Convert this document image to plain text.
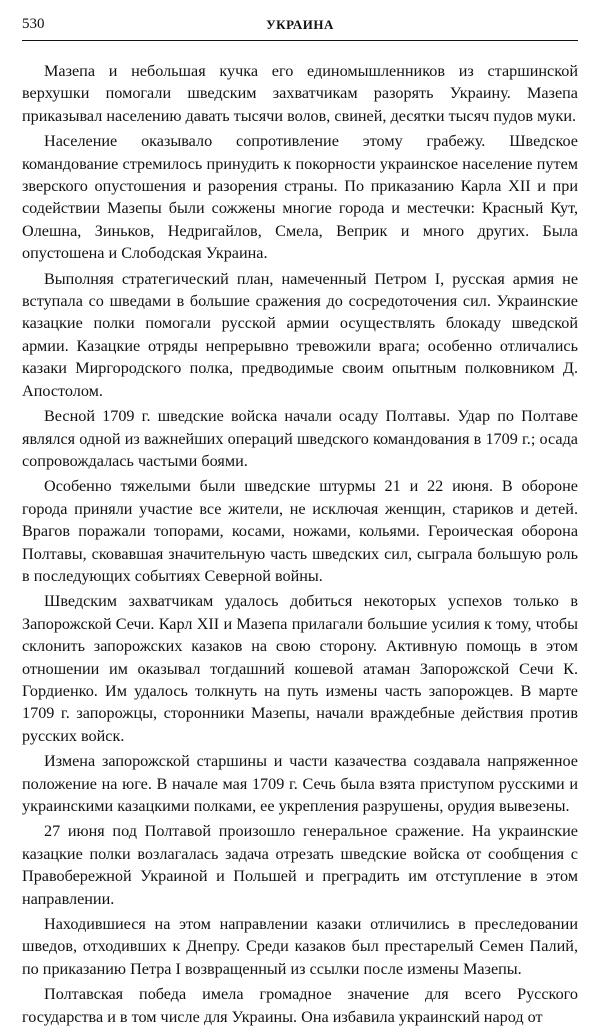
530	УКРАИНА

Мазепа и небольшая кучка его единомышленников из старшинской верхушки помогали шведским захватчикам разорять Украину. Мазепа приказывал населению давать тысячи волов, свиней, десятки тысяч пудов муки.

Население оказывало сопротивление этому грабежу. Шведское командование стремилось принудить к покорности украинское население путем зверского опустошения и разорения страны. По приказанию Карла XII и при содействии Мазепы были сожжены многие города и местечки: Красный Кут, Олешна, Зиньков, Недригайлов, Смела, Веприк и много других. Была опустошена и Слободская Украина.

Выполняя стратегический план, намеченный Петром I, русская армия не вступала со шведами в большие сражения до сосредоточения сил. Украинские казацкие полки помогали русской армии осуществлять блокаду шведской армии. Казацкие отряды непрерывно тревожили врага; особенно отличались казаки Миргородского полка, предводимые своим опытным полковником Д. Апостолом.

Весной 1709 г. шведские войска начали осаду Полтавы. Удар по Полтаве являлся одной из важнейших операций шведского командования в 1709 г.; осада сопровождалась частыми боями.

Особенно тяжелыми были шведские штурмы 21 и 22 июня. В обороне города приняли участие все жители, не исключая женщин, стариков и детей. Врагов поражали топорами, косами, ножами, кольями. Героическая оборона Полтавы, сковавшая значительную часть шведских сил, сыграла большую роль в последующих событиях Северной войны.

Шведским захватчикам удалось добиться некоторых успехов только в Запорожской Сечи. Карл XII и Мазепа прилагали большие усилия к тому, чтобы склонить запорожских казаков на свою сторону. Активную помощь в этом отношении им оказывал тогдашний кошевой атаман Запорожской Сечи К. Гордиенко. Им удалось толкнуть на путь измены часть запорожцев. В марте 1709 г. запорожцы, сторонники Мазепы, начали враждебные действия против русских войск.

Измена запорожской старшины и части казачества создавала напряженное положение на юге. В начале мая 1709 г. Сечь была взята приступом русскими и украинскими казацкими полками, ее укрепления разрушены, орудия вывезены.

27 июня под Полтавой произошло генеральное сражение. На украинские казацкие полки возлагалась задача отрезать шведские войска от сообщения с Правобережной Украиной и Польшей и преградить им отступление в этом направлении.

Находившиеся на этом направлении казаки отличились в преследовании шведов, отходивших к Днепру. Среди казаков был престарелый Семен Палий, по приказанию Петра I возвращенный из ссылки после измены Мазепы.

Полтавская победа имела громадное значение для всего Русского государства и в том числе для Украины. Она избавила украинский народ от
